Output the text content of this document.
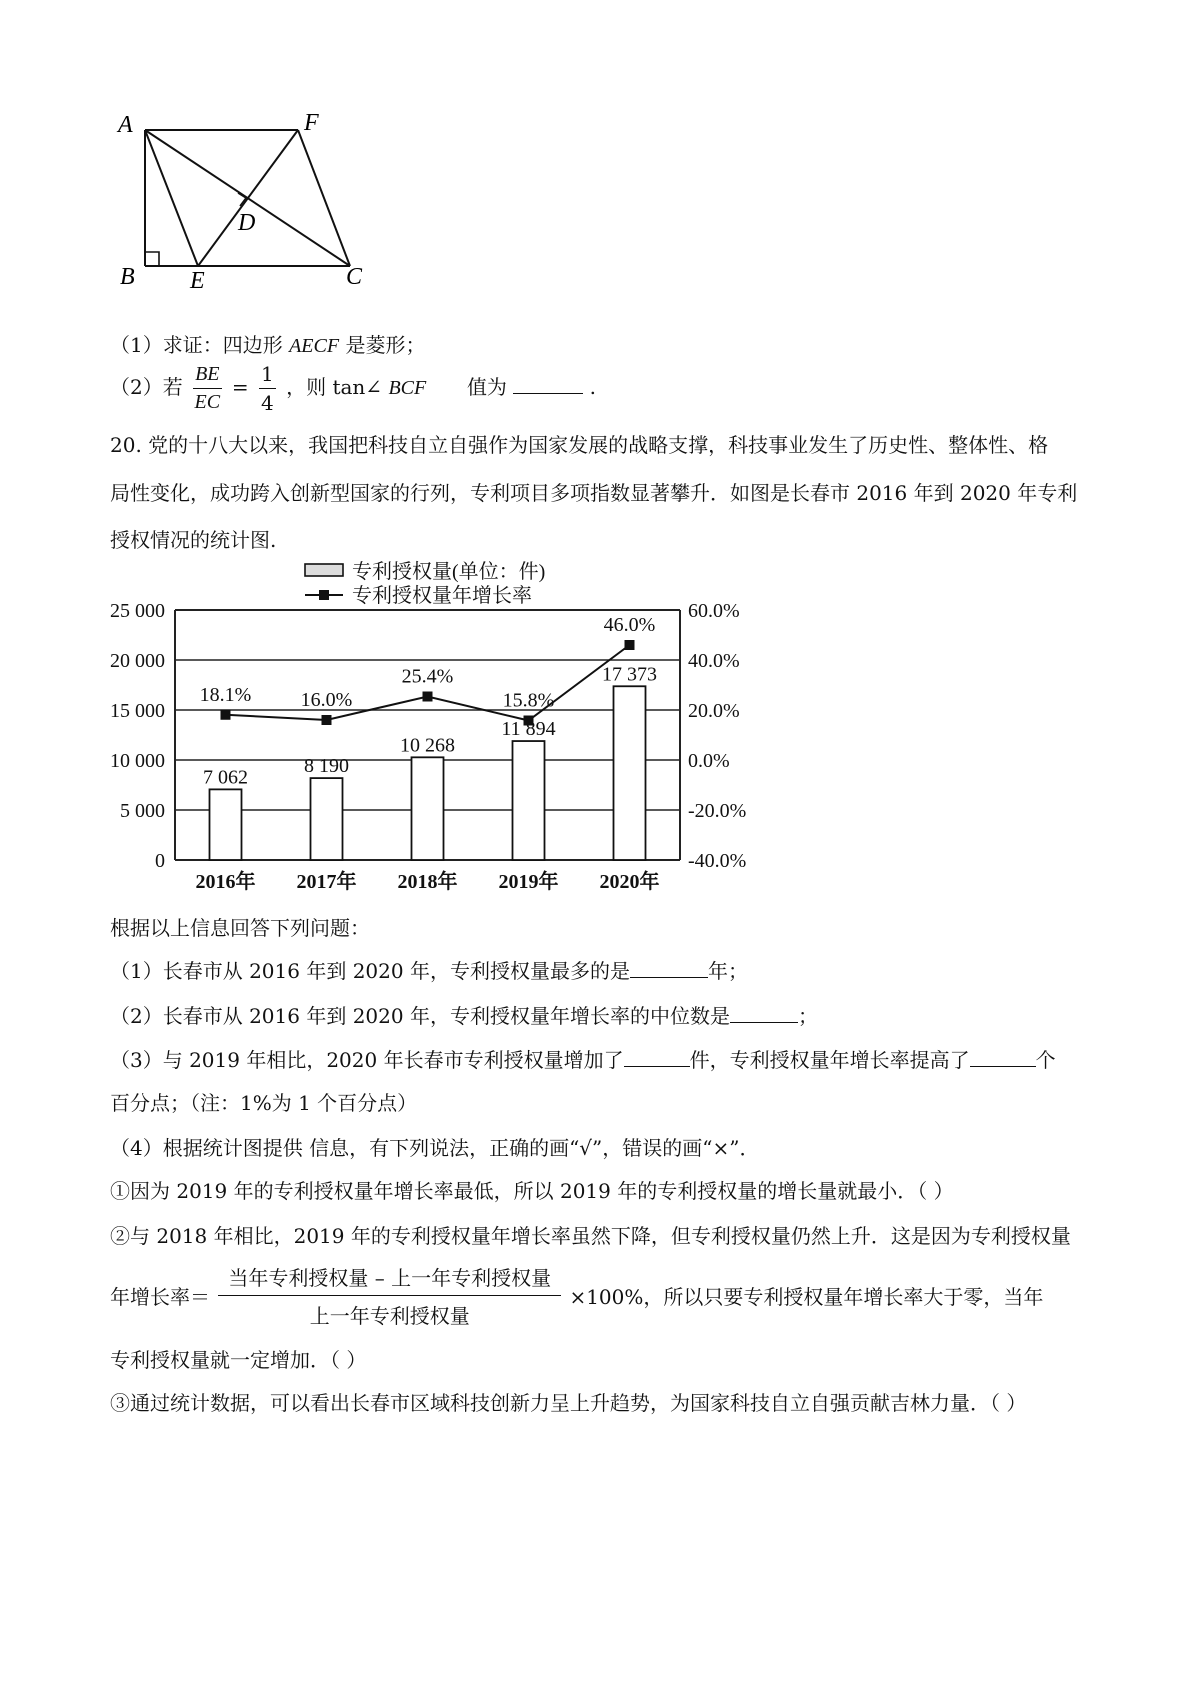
A	F
B E	C
D
（1）求证：四边形 AECF 是菱形；
（2）若 $\frac{BE}{EC} = \frac{1}{4}$ ，则 tan∠ BCF 值为	.
20. 党的十八大以来，我国把科技自立自强作为国家发展的战略支撑，科技事业发生了历史性、整体性、格
局性变化，成功跨入创新型国家的行列，专利项目多项指数显著攀升．如图是长春市 2016 年到 2020 年专利
授权情况的统计图.
0
5 000
10 000
15 000
20 000
25 000
-40.0%
-20.0%
0.0%
20.0%
40.0%
60.0%
7 062
2016年
8 190
2017年
10 268
2018年
11 894
2019年
17 373
2020年
18.1% 16.0%
25.4%
15.8%
46.0%
专利授权量(单位：件)
专利授权量年增长率
根据以上信息回答下列问题：
（1）长春市从 2016 年到 2020 年，专利授权量最多的是	年；
（2）长春市从 2016 年到 2020 年，专利授权量年增长率的中位数是	；
（3）与 2019 年相比，2020 年长春市专利授权量增加了	件，专利授权量年增长率提高了	个
百分点；（注：1%为 1 个百分点）
（4）根据统计图提供 信息，有下列说法，正确的画“√”，错误的画“×”．
①因为 2019 年的专利授权量年增长率最低，所以 2019 年的专利授权量的增长量就最小．（ ）
②与 2018 年相比，2019 年的专利授权量年增长率虽然下降，但专利授权量仍然上升．这是因为专利授权量
年增长率＝ $\frac{\text{当年专利授权量 – 上一年专利授权量}}{\text{上一年专利授权量}} \times 100\%$，所以只要专利授权量年增长率大于零，当年
专利授权量就一定增加．（ ）
③通过统计数据，可以看出长春市区域科技创新力呈上升趋势，为国家科技自立自强贡献吉林力量．（ ）
